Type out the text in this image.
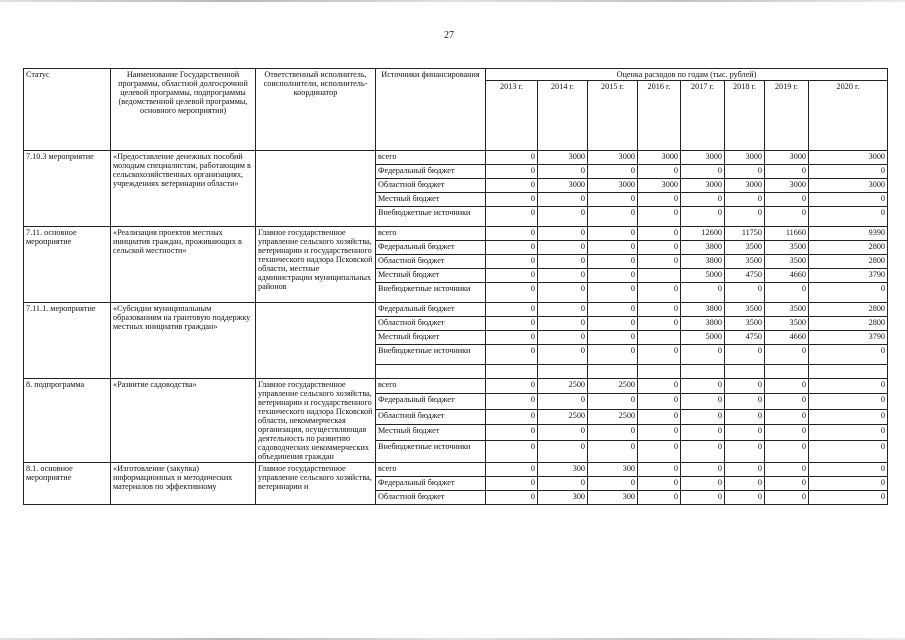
27
Статус	Наименование Государственной программы, областной долгосрочной целевой программы, подпрограммы (ведомственной целевой программы, основного мероприятия)	Ответственный исполнитель, соисполнители, исполнитель-координатор	Источники финансирования	Оценка расходов по годам (тыс. рублей)							
				2013 г.	2014 г.	2015 г.	2016 г.	2017 г.	2018 г.	2019 г.	2020 г.
7.10.3 мероприятие	«Предоставление денежных пособий молодым специалистам, работающим в сельскохозяйственных организациях, учреждениях ветеринарии области»		всего	0	3000	3000	3000	3000	3000	3000	3000
			Федеральный бюджет	0	0	0	0	0	0	0	0
			Областной бюджет	0	3000	3000	3000	3000	3000	3000	3000
			Местный бюджет	0	0	0	0	0	0	0	0
			Внебюджетные источники	0	0	0	0	0	0	0	0
7.11. основное мероприятие	«Реализация проектов местных инициатив граждан, проживающих в сельской местности»	Главное государственное управление сельского хозяйства, ветеринарии и государственного технического надзора Псковской области, местные администрации муниципальных районов	всего	0	0	0	0	12600	11750	11660	9390
			Федеральный бюджет	0	0	0	0	3800	3500	3500	2800
			Областной бюджет	0	0	0	0	3800	3500	3500	2800
			Местный бюджет	0	0	0		5000	4750	4660	3790
			Внебюджетные источники	0	0	0	0	0	0	0	0
7.11.1. мероприятие	«Субсидии муниципальным образованиям на грантовую поддержку местных инициатив граждан»		Федеральный бюджет	0	0	0	0	3800	3500	3500	2800
			Областной бюджет	0	0	0	0	3800	3500	3500	2800
			Местный бюджет	0	0	0		5000	4750	4660	3790
			Внебюджетные источники	0	0	0	0	0	0	0	0

8. подпрограмма	«Развитие садоводства»	Главное государственное управление сельского хозяйства, ветеринарии и государственного технического надзора Псковской области, некоммерческая организация, осуществляющая деятельность по развитию садоводческих некоммерческих объединения граждан	всего	0	2500	2500	0	0	0	0	0
			Федеральный бюджет	0	0	0	0	0	0	0	0
			Областной бюджет	0	2500	2500	0	0	0	0	0
			Местный бюджет	0	0	0	0	0	0	0	0
			Внебюджетные источники	0	0	0	0	0	0	0	0
8.1. основное мероприятие	«Изготовление (закупка) информационных и методических материалов по эффективному	Главное государственное управление сельского хозяйства, ветеринарии и	всего	0	300	300	0	0	0	0	0
			Федеральный бюджет	0	0	0	0	0	0	0	0
			Областной бюджет	0	300	300	0	0	0	0	0
